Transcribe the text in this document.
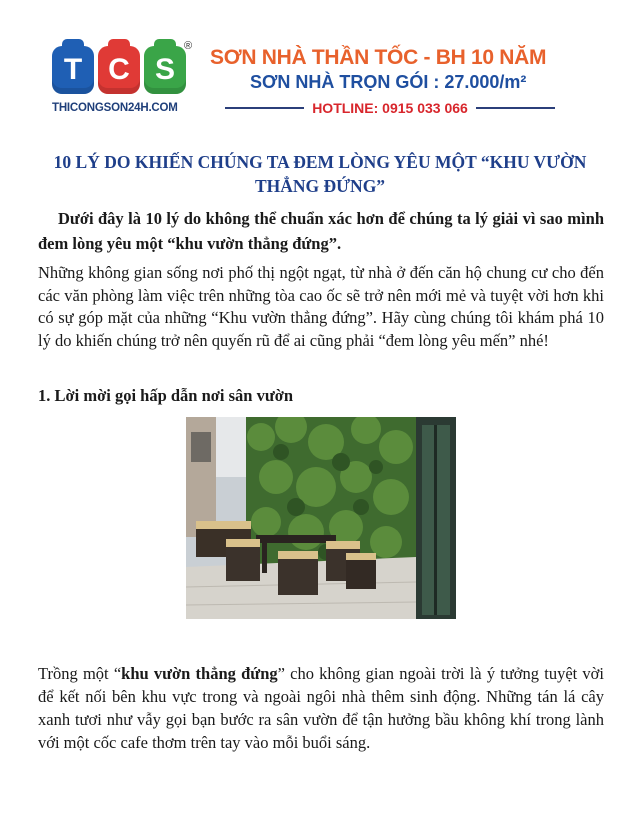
T C S
®
THICONGSON24H.COM
SƠN NHÀ THẦN TỐC - BH 10 NĂM
SƠN NHÀ TRỌN GÓI : 27.000/m²
HOTLINE: 0915 033 066
10 LÝ DO KHIẾN CHÚNG TA ĐEM LÒNG YÊU MỘT “KHU VƯỜN THẲNG ĐỨNG”
Dưới đây là 10 lý do không thể chuẩn xác hơn để chúng ta lý giải vì sao mình đem lòng yêu một “khu vườn thẳng đứng”.
Những không gian sống nơi phố thị ngột ngạt, từ nhà ở đến căn hộ chung cư cho đến các văn phòng làm việc trên những tòa cao ốc sẽ trở nên mới mẻ và tuyệt vời hơn khi có sự góp mặt của những “Khu vườn thẳng đứng”. Hãy cùng chúng tôi khám phá 10 lý do khiến chúng trở nên quyến rũ để ai cũng phải “đem lòng yêu mến” nhé!
1. Lời mời gọi hấp dẫn nơi sân vườn
Trồng một “khu vườn thẳng đứng” cho không gian ngoài trời là ý tưởng tuyệt vời để kết nối bên khu vực trong và ngoài ngôi nhà thêm sinh động. Những tán lá cây xanh tươi như vẫy gọi bạn bước ra sân vườn để tận hưởng bầu không khí trong lành với một cốc cafe thơm trên tay vào mỗi buổi sáng.
